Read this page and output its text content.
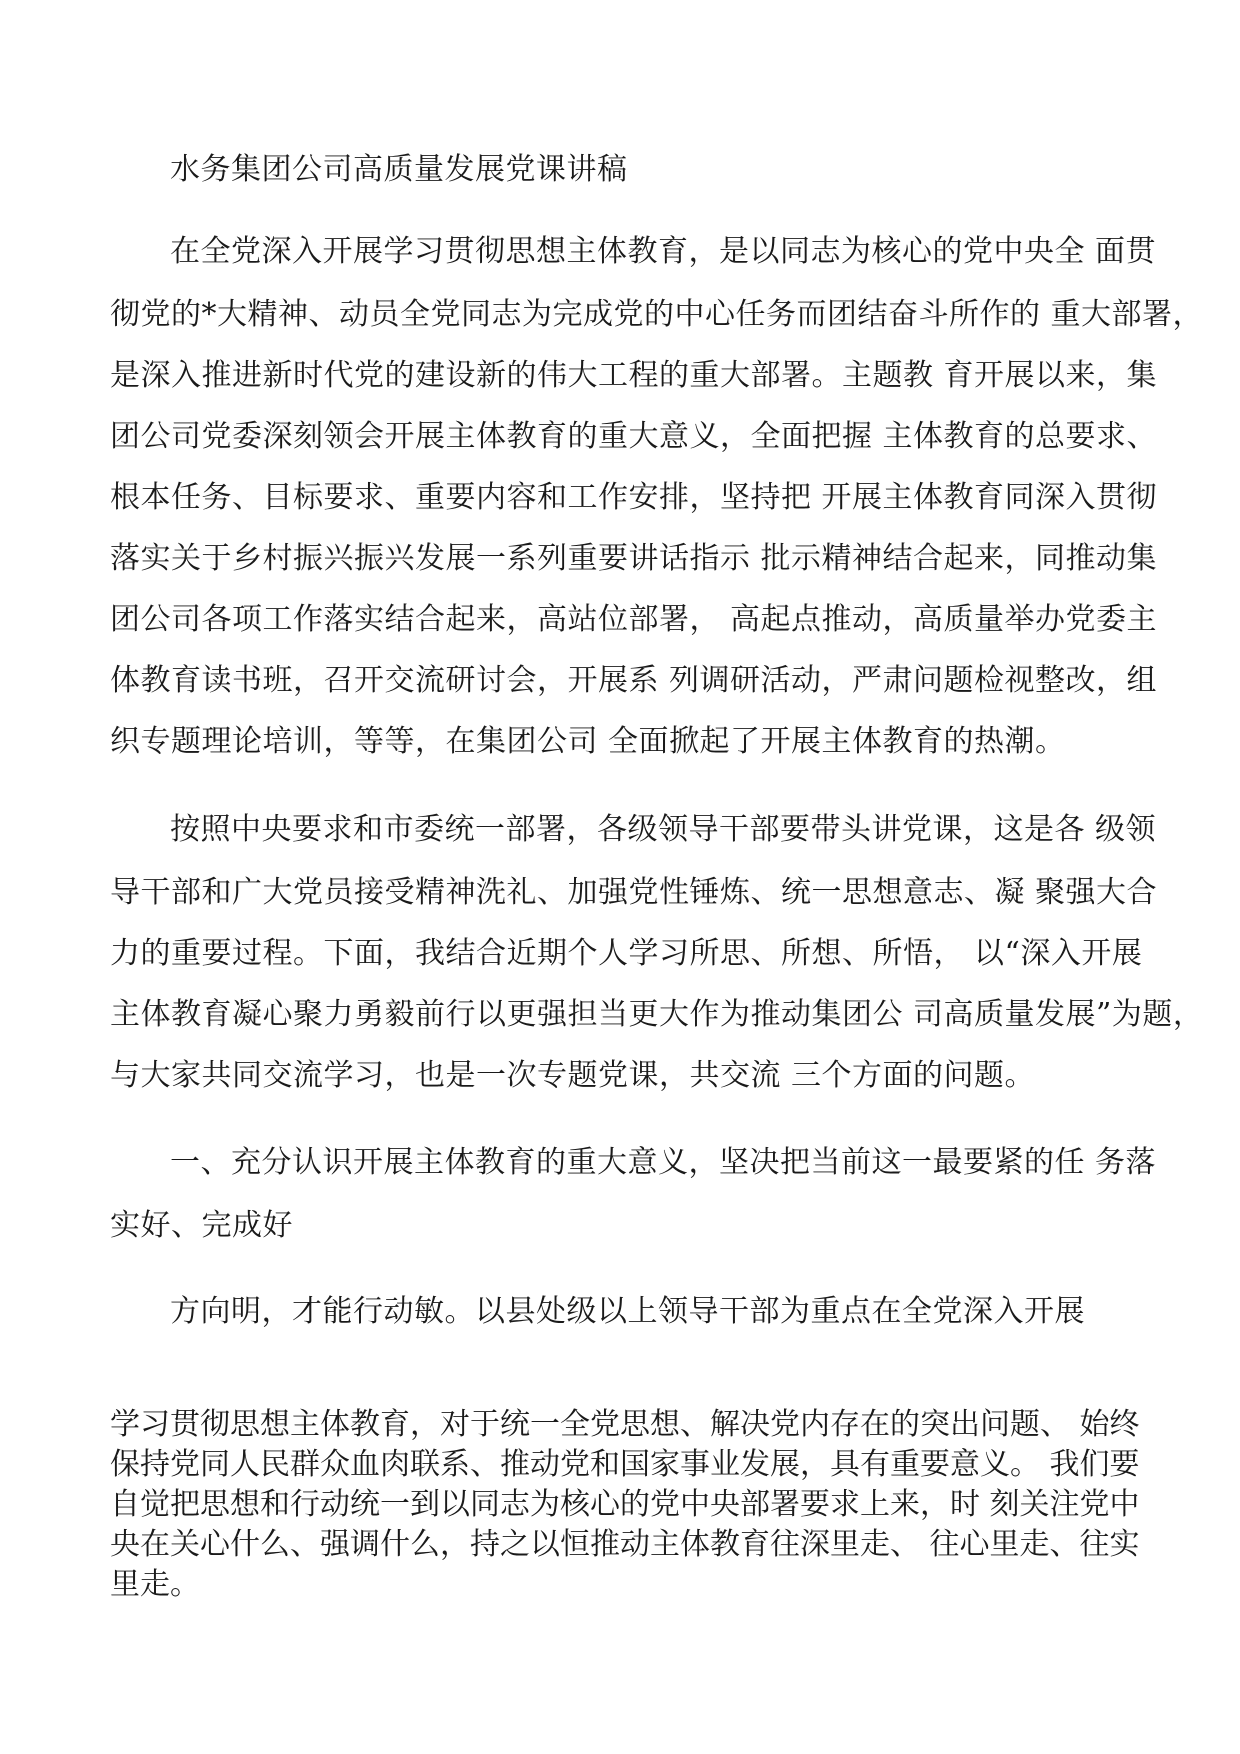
水务集团公司高质量发展党课讲稿

在全党深入开展学习贯彻思想主体教育，是以同志为核心的党中央全 面贯

彻党的*大精神、动员全党同志为完成党的中心任务而团结奋斗所作的 重大部署，

是深入推进新时代党的建设新的伟大工程的重大部署。主题教 育开展以来，集

团公司党委深刻领会开展主体教育的重大意义，全面把握 主体教育的总要求、

根本任务、目标要求、重要内容和工作安排，坚持把 开展主体教育同深入贯彻

落实关于乡村振兴振兴发展一系列重要讲话指示 批示精神结合起来，同推动集

团公司各项工作落实结合起来，高站位部署， 高起点推动，高质量举办党委主

体教育读书班，召开交流研讨会，开展系 列调研活动，严肃问题检视整改，组

织专题理论培训，等等，在集团公司 全面掀起了开展主体教育的热潮。

按照中央要求和市委统一部署，各级领导干部要带头讲党课，这是各 级领

导干部和广大党员接受精神洗礼、加强党性锤炼、统一思想意志、凝 聚强大合

力的重要过程。下面，我结合近期个人学习所思、所想、所悟， 以“深入开展

主体教育凝心聚力勇毅前行以更强担当更大作为推动集团公 司高质量发展”为题，

与大家共同交流学习，也是一次专题党课，共交流 三个方面的问题。

一、充分认识开展主体教育的重大意义，坚决把当前这一最要紧的任 务落

实好、完成好

方向明，才能行动敏。以县处级以上领导干部为重点在全党深入开展

学习贯彻思想主体教育，对于统一全党思想、解决党内存在的突出问题、 始终

保持党同人民群众血肉联系、推动党和国家事业发展，具有重要意义。 我们要

自觉把思想和行动统一到以同志为核心的党中央部署要求上来，时 刻关注党中

央在关心什么、强调什么，持之以恒推动主体教育往深里走、 往心里走、往实

里走。
